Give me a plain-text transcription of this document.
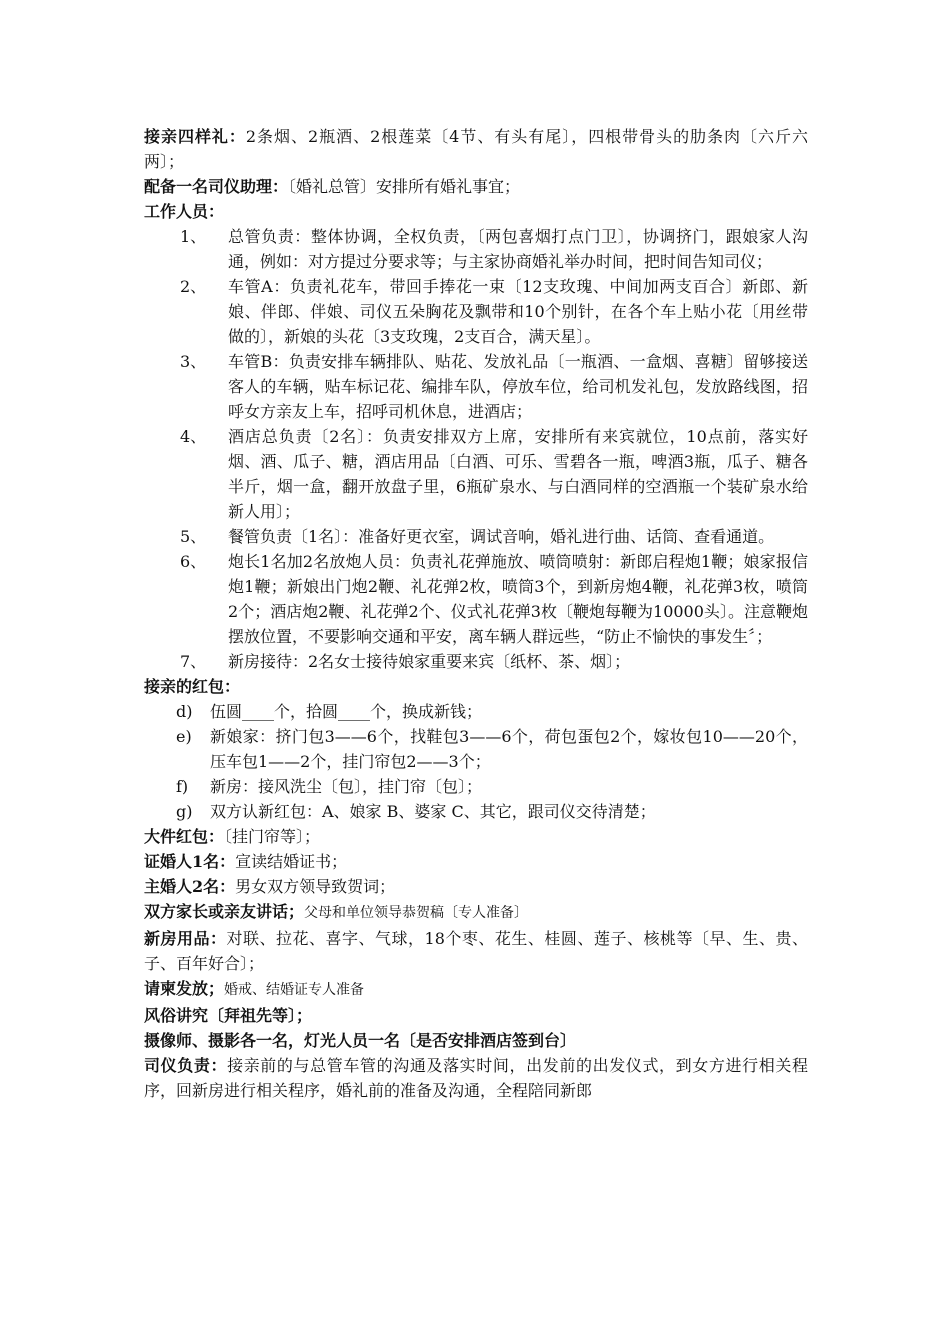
接亲四样礼：2条烟、2瓶酒、2根莲菜〔4节、有头有尾〕，四根带骨头的肋条肉〔六斤六两〕；
配备一名司仪助理：〔婚礼总管〕安排所有婚礼事宜；
工作人员：
1、 总管负责：整体协调，全权负责，〔两包喜烟打点门卫〕，协调挤门，跟娘家人沟通，例如：对方提过分要求等；与主家协商婚礼举办时间，把时间告知司仪；
2、 车管A：负责礼花车，带回手捧花一束〔12支玫瑰、中间加两支百合〕新郎、新娘、伴郎、伴娘、司仪五朵胸花及飘带和10个别针，在各个车上贴小花〔用丝带做的〕，新娘的头花〔3支玫瑰，2支百合，满天星〕。
3、 车管B：负责安排车辆排队、贴花、发放礼品〔一瓶酒、一盒烟、喜糖〕留够接送客人的车辆，贴车标记花、编排车队，停放车位，给司机发礼包，发放路线图，招呼女方亲友上车，招呼司机休息，进酒店；
4、 酒店总负责〔2名〕：负责安排双方上席，安排所有来宾就位，10点前，落实好烟、酒、瓜子、糖，酒店用品〔白酒、可乐、雪碧各一瓶，啤酒3瓶，瓜子、糖各半斤，烟一盒，翻开放盘子里，6瓶矿泉水、与白酒同样的空酒瓶一个装矿泉水给新人用〕；
5、 餐管负责〔1名〕：准备好更衣室，调试音响，婚礼进行曲、话筒、查看通道。
6、 炮长1名加2名放炮人员：负责礼花弹施放、喷筒喷射：新郎启程炮1鞭；娘家报信炮1鞭；新娘出门炮2鞭、礼花弹2枚，喷筒3个，到新房炮4鞭，礼花弹3枚，喷筒2个；酒店炮2鞭、礼花弹2个、仪式礼花弹3枚〔鞭炮每鞭为10000头〕。注意鞭炮摆放位置，不要影响交通和平安，离车辆人群远些，“防止不愉快的事发生〞；
7、 新房接待：2名女士接待娘家重要来宾〔纸杯、茶、烟〕；
接亲的红包：
d) 伍圆____个，拾圆____个，换成新钱；
e) 新娘家：挤门包3——6个，找鞋包3——6个，荷包蛋包2个，嫁妆包10——20个，压车包1——2个，挂门帘包2——3个；
f) 新房：接风洗尘〔包〕，挂门帘〔包〕；
g) 双方认新红包：A、娘家 B、婆家 C、其它，跟司仪交待清楚；
大件红包：〔挂门帘等〕；
证婚人1名：宣读结婚证书；
主婚人2名：男女双方领导致贺词；
双方家长或亲友讲话；父母和单位领导恭贺稿〔专人准备〕
新房用品：对联、拉花、喜字、气球，18个枣、花生、桂圆、莲子、核桃等〔早、生、贵、子、百年好合〕；
请柬发放；婚戒、结婚证专人准备
风俗讲究〔拜祖先等〕；
摄像师、摄影各一名，灯光人员一名〔是否安排酒店签到台〕
司仪负责：接亲前的与总管车管的沟通及落实时间，出发前的出发仪式，到女方进行相关程序，回新房进行相关程序，婚礼前的准备及沟通，全程陪同新郎
